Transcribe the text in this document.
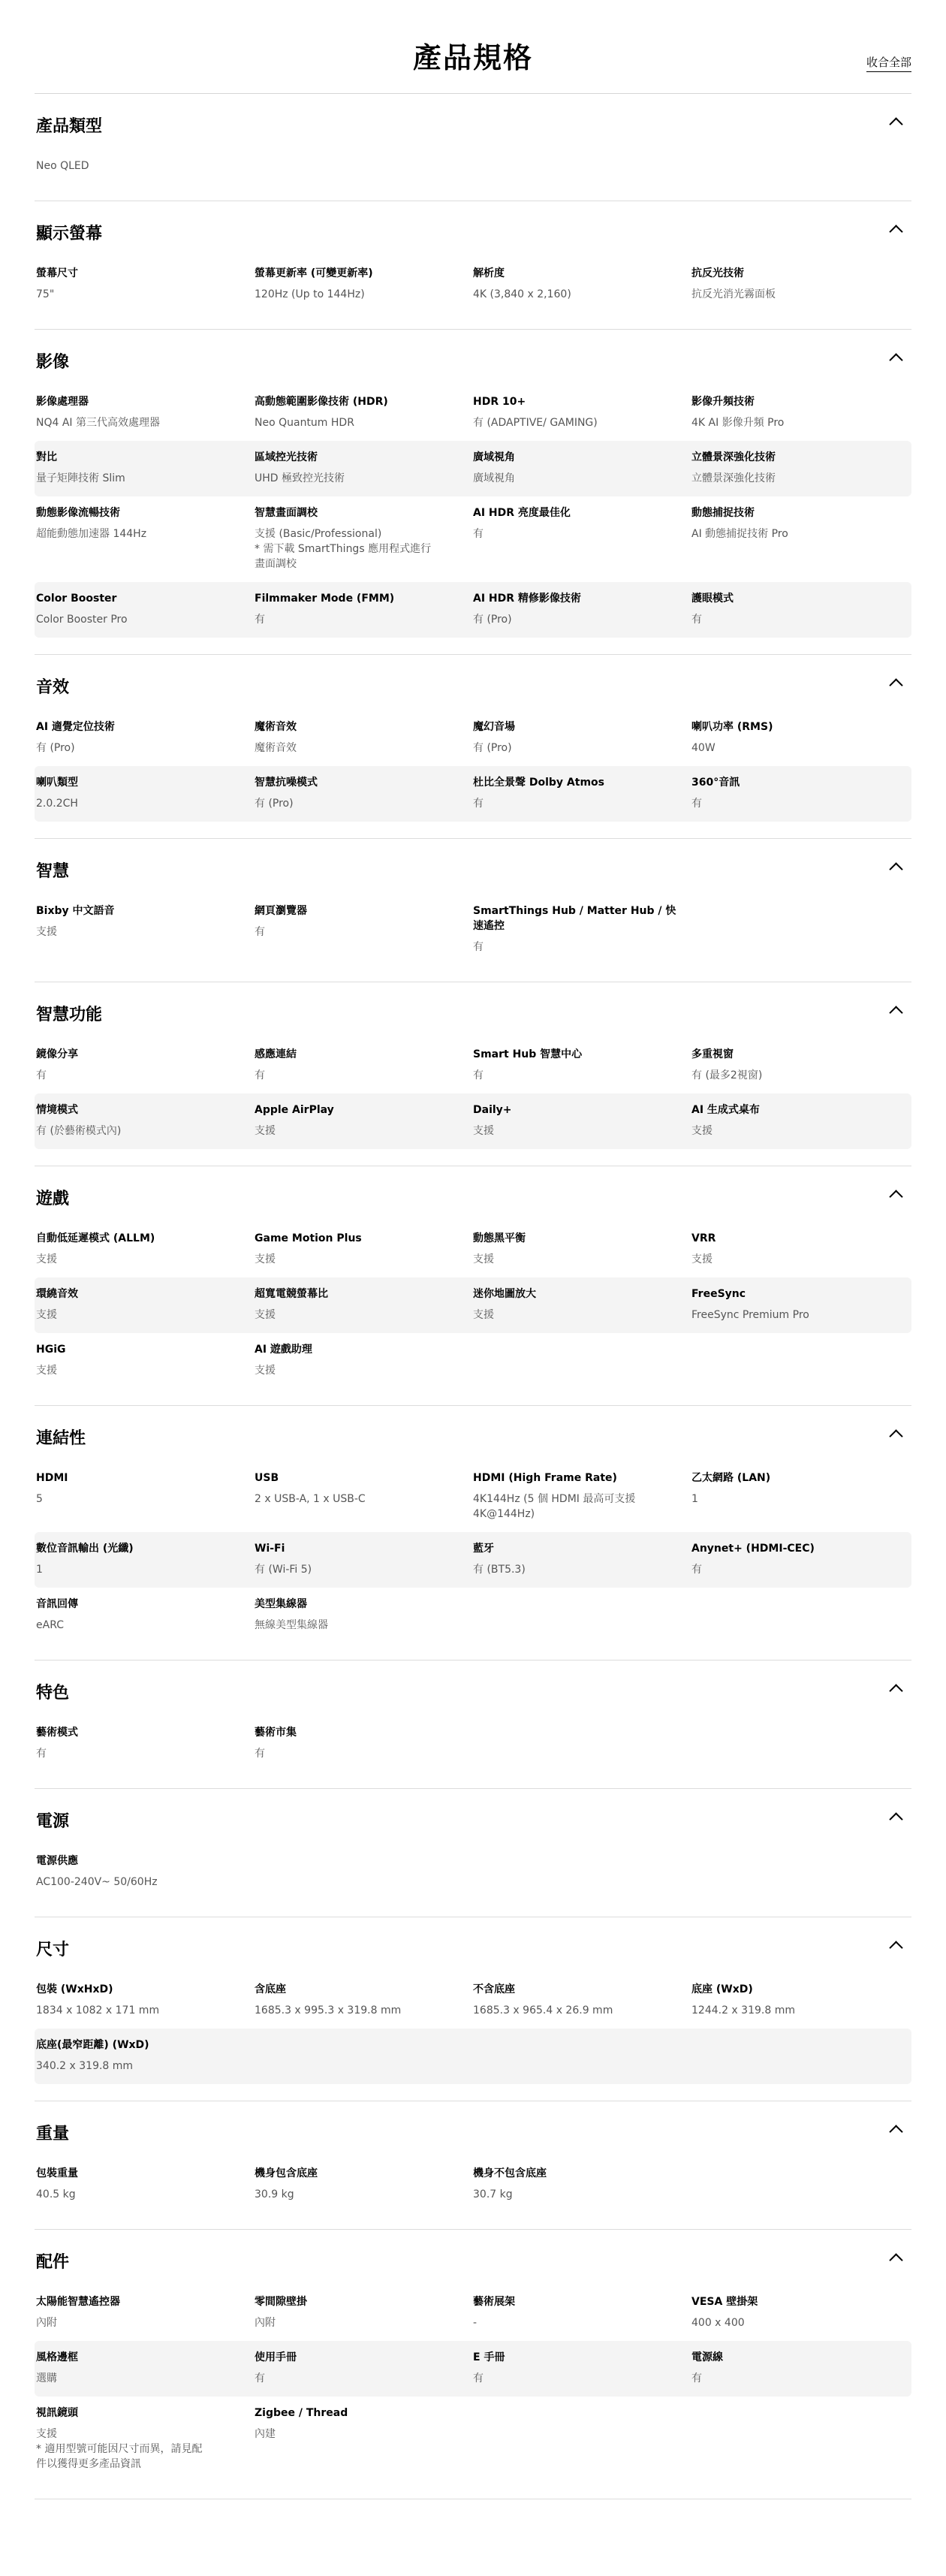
產品規格	收合全部
產品類型
Neo QLED
顯示螢幕
螢幕尺寸
75"
螢幕更新率 (可變更新率)
120Hz (Up to 144Hz)
解析度
4K (3,840 x 2,160)
抗反光技術
抗反光消光霧面板
影像
影像處理器
NQ4 AI 第三代高效處理器
高動態範圍影像技術 (HDR)
Neo Quantum HDR
HDR 10+
有 (ADAPTIVE/ GAMING)
影像升頻技術
4K AI 影像升頻 Pro
對比
量子矩陣技術 Slim
區域控光技術
UHD 極致控光技術
廣域視角
廣域視角
立體景深強化技術
立體景深強化技術
動態影像流暢技術
超能動態加速器 144Hz
智慧畫面調校
支援 (Basic/Professional)
* 需下載 SmartThings 應用程式進行
畫面調校
AI HDR 亮度最佳化
有
動態捕捉技術
AI 動態捕捉技術 Pro
Color Booster
Color Booster Pro
Filmmaker Mode (FMM)
有
AI HDR 精修影像技術
有 (Pro)
護眼模式
有
音效
AI 適覺定位技術
有 (Pro)
魔術音效
魔術音效
魔幻音場
有 (Pro)
喇叭功率 (RMS)
40W
喇叭類型
2.0.2CH
智慧抗噪模式
有 (Pro)
杜比全景聲 Dolby Atmos
有
360°音訊
有
智慧
Bixby 中文語音
支援
網頁瀏覽器
有
SmartThings Hub / Matter Hub / 快
速遙控
有
智慧功能
鏡像分享
有
感應連結
有
Smart Hub 智慧中心
有
多重視窗
有 (最多2視窗)
情境模式
有 (於藝術模式內)
Apple AirPlay
支援
Daily+
支援
AI 生成式桌布
支援
遊戲
自動低延遲模式 (ALLM)
支援
Game Motion Plus
支援
動態黑平衡
支援
VRR
支援
環繞音效
支援
超寬電競螢幕比
支援
迷你地圖放大
支援
FreeSync
FreeSync Premium Pro
HGiG
支援
AI 遊戲助理
支援
連結性
HDMI
5
USB
2 x USB-A, 1 x USB-C
HDMI (High Frame Rate)
4K144Hz (5 個 HDMI 最高可支援
4K@144Hz)
乙太網路 (LAN)
1
數位音訊輸出 (光纖)
1
Wi-Fi
有 (Wi-Fi 5)
藍牙
有 (BT5.3)
Anynet+ (HDMI-CEC)
有
音訊回傳
eARC
美型集線器
無線美型集線器
特色
藝術模式
有
藝術市集
有
電源
電源供應
AC100-240V~ 50/60Hz
尺寸
包裝 (WxHxD)
1834 x 1082 x 171 mm
含底座
1685.3 x 995.3 x 319.8 mm
不含底座
1685.3 x 965.4 x 26.9 mm
底座 (WxD)
1244.2 x 319.8 mm
底座(最窄距離) (WxD)
340.2 x 319.8 mm
重量
包裝重量
40.5 kg
機身包含底座
30.9 kg
機身不包含底座
30.7 kg
配件
太陽能智慧遙控器
內附
零間隙壁掛
內附
藝術展架
-
VESA 壁掛架
400 x 400
風格邊框
選購
使用手冊
有
E 手冊
有
電源線
有
視訊鏡頭
支援
* 適用型號可能因尺寸而異，請見配
件以獲得更多產品資訊
Zigbee / Thread
內建
